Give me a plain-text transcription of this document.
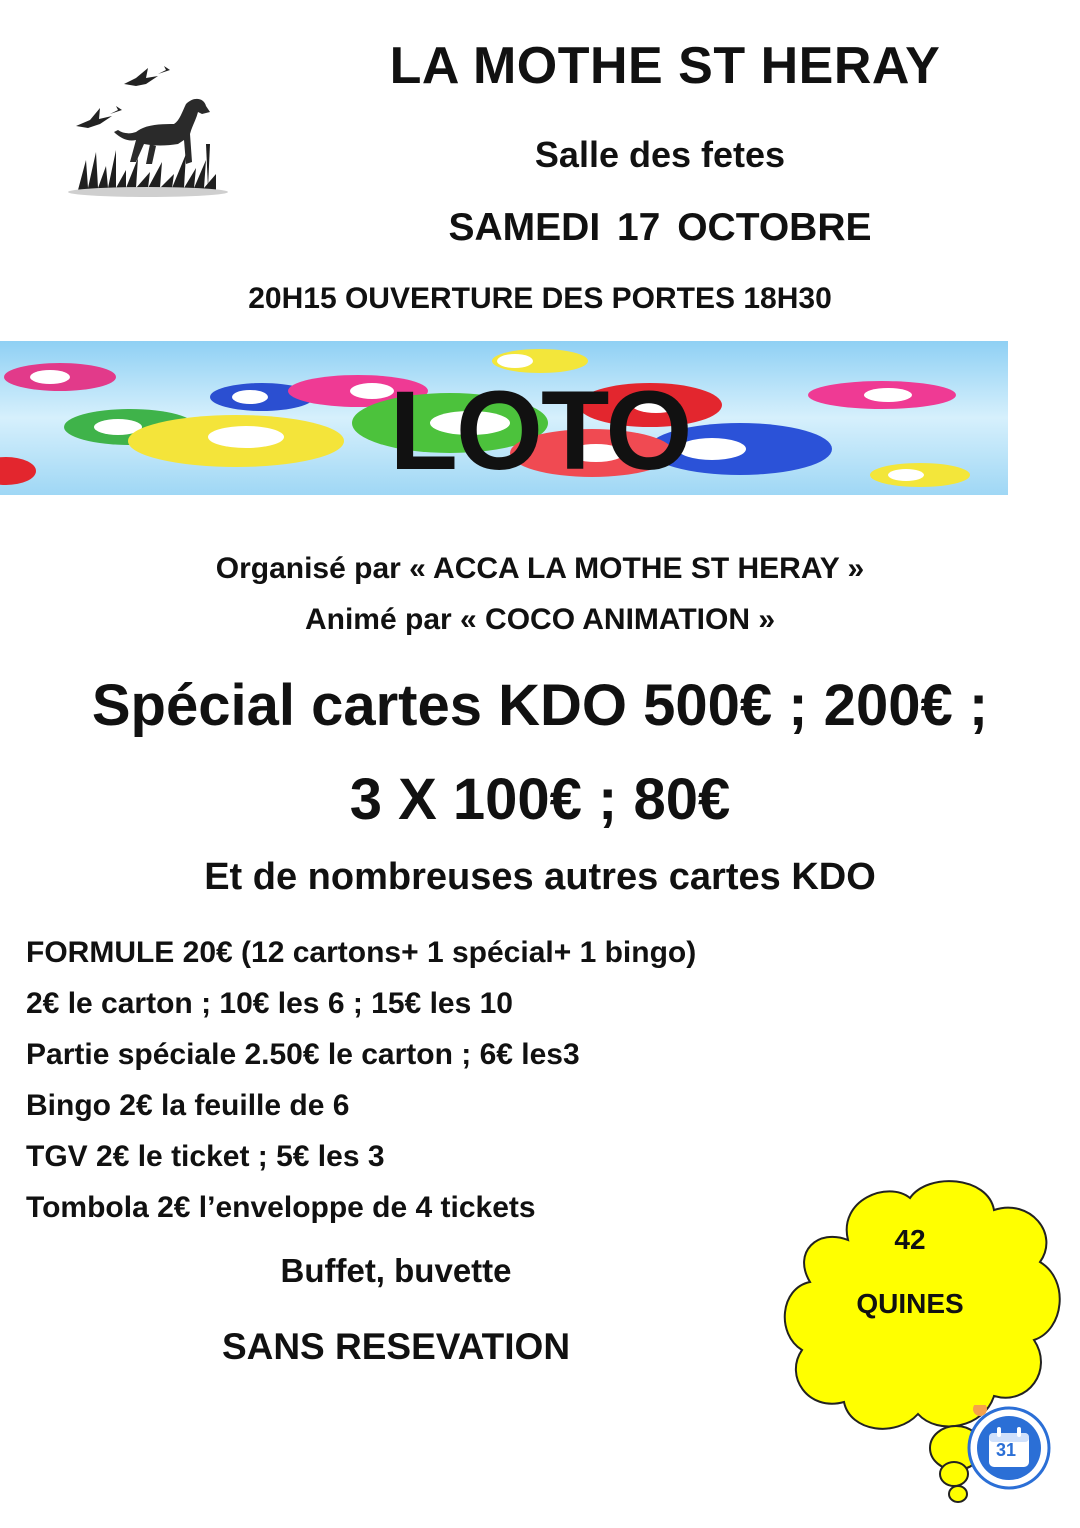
LA MOTHE ST HERAY
Salle des fetes
SAMEDI 17 OCTOBRE
20H15 OUVERTURE DES PORTES 18H30
LOTO
Organisé par « ACCA LA MOTHE ST HERAY »
Animé par « COCO ANIMATION »
Spécial cartes KDO 500€ ; 200€ ;
3 X 100€ ; 80€
Et de nombreuses autres cartes KDO
FORMULE 20€ (12 cartons+ 1 spécial+ 1 bingo)
2€ le carton ; 10€ les 6 ; 15€ les 10
Partie spéciale 2.50€ le carton ; 6€ les3
Bingo 2€ la feuille de 6
TGV 2€ le ticket ; 5€ les 3
Tombola 2€ l’enveloppe de 4 tickets
Buffet, buvette
SANS RESEVATION
42
QUINES
31
